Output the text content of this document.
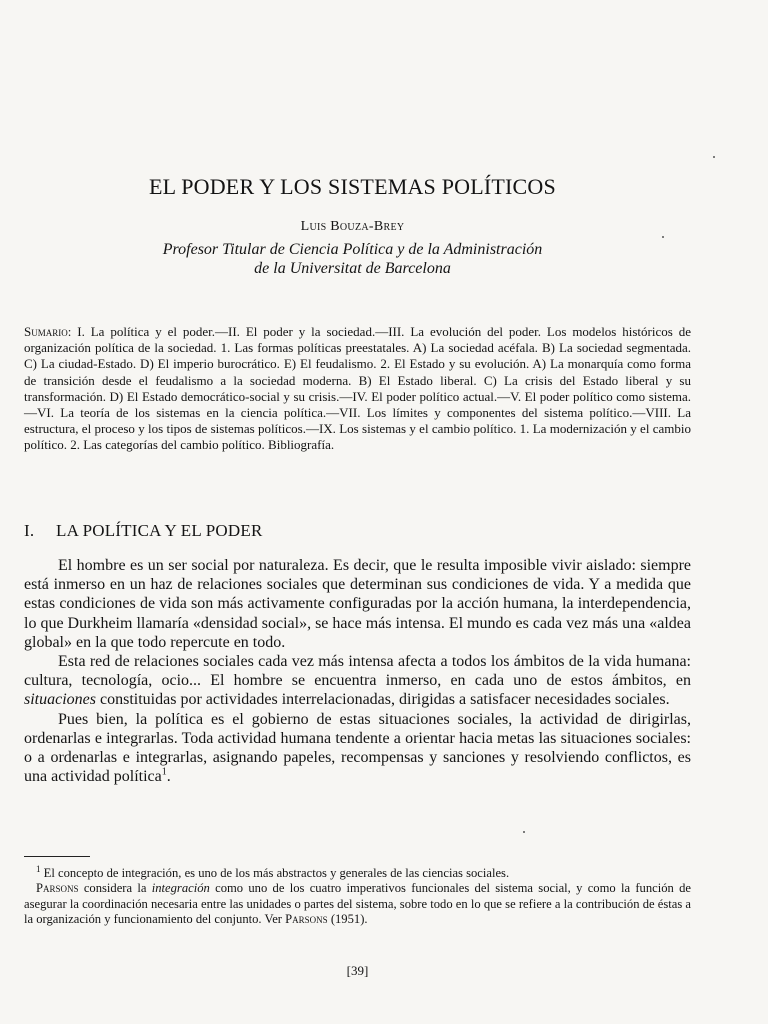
EL PODER Y LOS SISTEMAS POLÍTICOS
Luis Bouza-Brey
Profesor Titular de Ciencia Política y de la Administración
de la Universitat de Barcelona
Sumario: I. La política y el poder.—II. El poder y la sociedad.—III. La evolución del poder. Los modelos históricos de organización política de la sociedad. 1. Las formas políticas preestatales. A) La sociedad acéfala. B) La sociedad segmentada. C) La ciudad-Estado. D) El imperio burocrático. E) El feudalismo. 2. El Estado y su evolución. A) La monarquía como forma de transición desde el feudalismo a la sociedad moderna. B) El Estado liberal. C) La crisis del Estado liberal y su transformación. D) El Estado democrático-social y su crisis.—IV. El poder político actual.—V. El poder político como sistema.—VI. La teoría de los sistemas en la ciencia política.—VII. Los límites y componentes del sistema político.—VIII. La estructura, el proceso y los tipos de sistemas políticos.—IX. Los sistemas y el cambio político. 1. La modernización y el cambio político. 2. Las categorías del cambio político. Bibliografía.
I. LA POLÍTICA Y EL PODER

El hombre es un ser social por naturaleza. Es decir, que le resulta imposible vivir aislado: siempre está inmerso en un haz de relaciones sociales que determinan sus condiciones de vida. Y a medida que estas condiciones de vida son más activamente configuradas por la acción humana, la interdependencia, lo que Durkheim llamaría «densidad social», se hace más intensa. El mundo es cada vez más una «aldea global» en la que todo repercute en todo.

Esta red de relaciones sociales cada vez más intensa afecta a todos los ámbitos de la vida humana: cultura, tecnología, ocio... El hombre se encuentra inmerso, en cada uno de estos ámbitos, en situaciones constituidas por actividades interrelacionadas, dirigidas a satisfacer necesidades sociales.

Pues bien, la política es el gobierno de estas situaciones sociales, la actividad de dirigirlas, ordenarlas e integrarlas. Toda actividad humana tendente a orientar hacia metas las situaciones sociales: o a ordenarlas e integrarlas, asignando papeles, recompensas y sanciones y resolviendo conflictos, es una actividad política$^1$.

$^1$ El concepto de integración, es uno de los más abstractos y generales de las ciencias sociales.

Parsons considera la integración como uno de los cuatro imperativos funcionales del sistema social, y como la función de asegurar la coordinación necesaria entre las unidades o partes del sistema, sobre todo en lo que se refiere a la contribución de éstas a la organización y funcionamiento del conjunto. Ver Parsons (1951).

[39]
